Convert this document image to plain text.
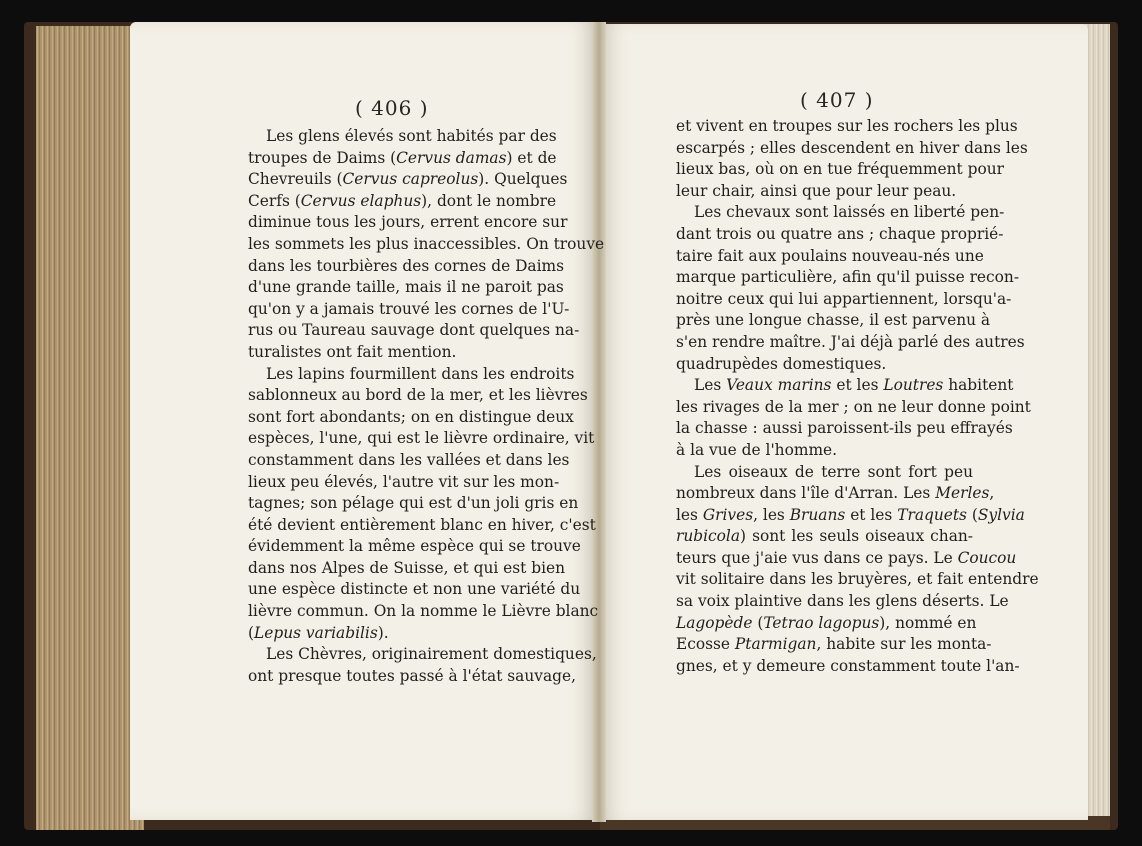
( 406 )	( 407 )
Les glens élevés sont habités par des
troupes de Daims (Cervus damas) et de
Chevreuils (Cervus capreolus). Quelques
Cerfs (Cervus elaphus), dont le nombre
diminue tous les jours, errent encore sur
les sommets les plus inaccessibles. On trouve
dans les tourbières des cornes de Daims
d'une grande taille, mais il ne paroit pas
qu'on y a jamais trouvé les cornes de l'U-
rus ou Taureau sauvage dont quelques na-
turalistes ont fait mention.
Les lapins fourmillent dans les endroits
sablonneux au bord de la mer, et les lièvres
sont fort abondants; on en distingue deux
espèces, l'une, qui est le lièvre ordinaire, vit
constamment dans les vallées et dans les
lieux peu élevés, l'autre vit sur les mon-
tagnes; son pélage qui est d'un joli gris en
été devient entièrement blanc en hiver, c'est
évidemment la même espèce qui se trouve
dans nos Alpes de Suisse, et qui est bien
une espèce distincte et non une variété du
lièvre commun. On la nomme le Lièvre blanc
(Lepus variabilis).
Les Chèvres, originairement domestiques,
ont presque toutes passé à l'état sauvage,
et vivent en troupes sur les rochers les plus
escarpés ; elles descendent en hiver dans les
lieux bas, où on en tue fréquemment pour
leur chair, ainsi que pour leur peau.
Les chevaux sont laissés en liberté pen-
dant trois ou quatre ans ; chaque proprié-
taire fait aux poulains nouveau-nés une
marque particulière, afin qu'il puisse recon-
noitre ceux qui lui appartiennent, lorsqu'a-
près une longue chasse, il est parvenu à
s'en rendre maître. J'ai déjà parlé des autres
quadrupèdes domestiques.
Les Veaux marins et les Loutres habitent
les rivages de la mer ; on ne leur donne point
la chasse : aussi paroissent-ils peu effrayés
à la vue de l'homme.
Les oiseaux de terre sont fort peu
nombreux dans l'île d'Arran. Les Merles,
les Grives, les Bruans et les Traquets (Sylvia
rubicola) sont les seuls oiseaux chan-
teurs que j'aie vus dans ce pays. Le Coucou
vit solitaire dans les bruyères, et fait entendre
sa voix plaintive dans les glens déserts. Le
Lagopède (Tetrao lagopus), nommé en
Ecosse Ptarmigan, habite sur les monta-
gnes, et y demeure constamment toute l'an-
